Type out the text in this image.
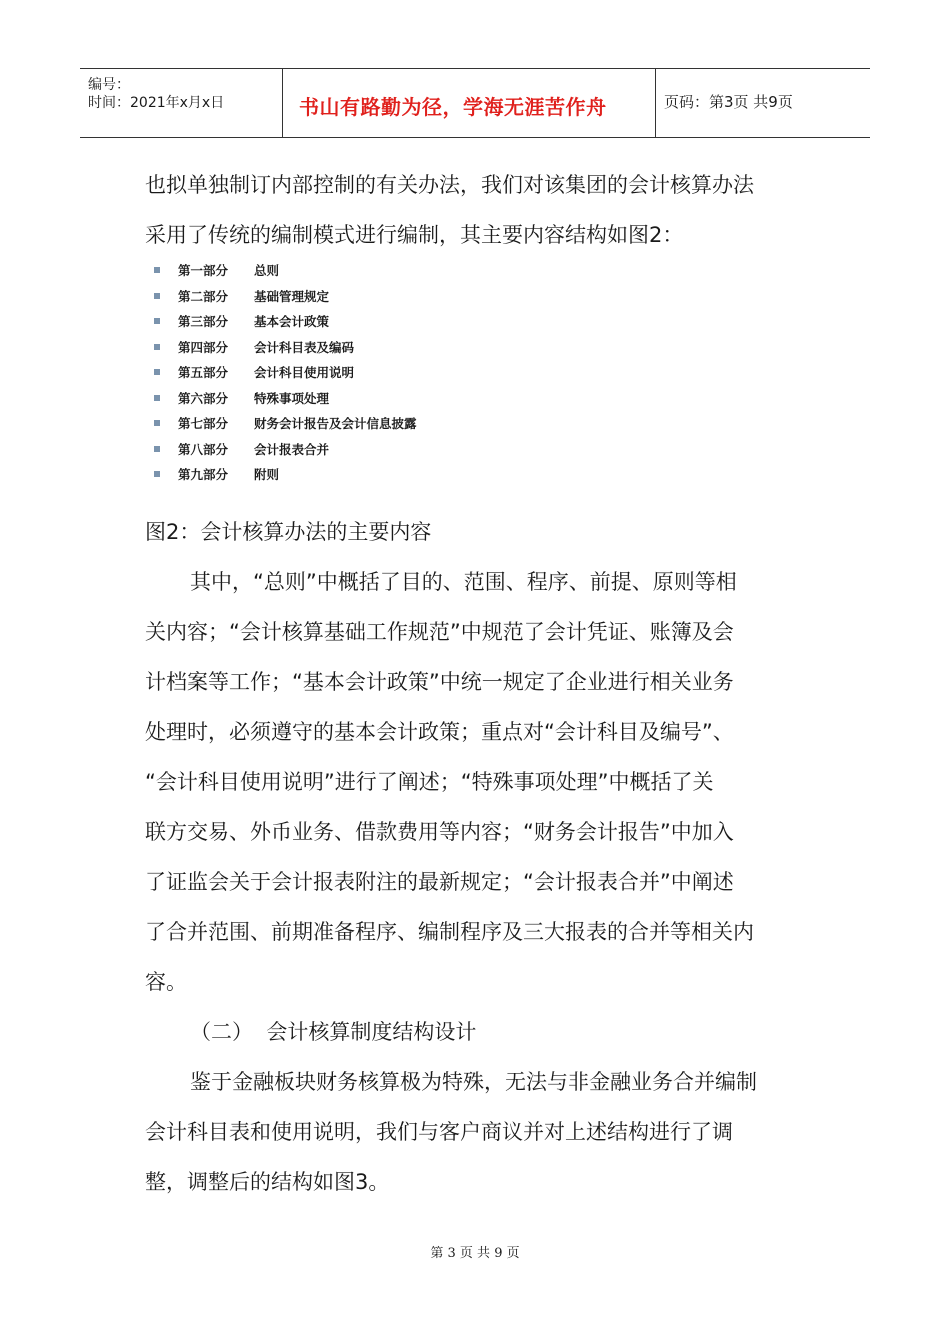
编号：
时间：2021年x月x日	书山有路勤为径，学海无涯苦作舟	页码：第3页 共9页
也拟单独制订内部控制的有关办法，我们对该集团的会计核算办法
采用了传统的编制模式进行编制，其主要内容结构如图2：
第一部分 总则
第二部分 基础管理规定
第三部分 基本会计政策
第四部分 会计科目表及编码
第五部分 会计科目使用说明
第六部分 特殊事项处理
第七部分 财务会计报告及会计信息披露
第八部分 会计报表合并
第九部分 附则
图2：会计核算办法的主要内容
其中，“总则”中概括了目的、范围、程序、前提、原则等相
关内容；“会计核算基础工作规范”中规范了会计凭证、账簿及会
计档案等工作；“基本会计政策”中统一规定了企业进行相关业务
处理时，必须遵守的基本会计政策；重点对“会计科目及编号”、
“会计科目使用说明”进行了阐述；“特殊事项处理”中概括了关
联方交易、外币业务、借款费用等内容；“财务会计报告”中加入
了证监会关于会计报表附注的最新规定；“会计报表合并”中阐述
了合并范围、前期准备程序、编制程序及三大报表的合并等相关内
容。
（二）  会计核算制度结构设计
鉴于金融板块财务核算极为特殊，无法与非金融业务合并编制
会计科目表和使用说明，我们与客户商议并对上述结构进行了调
整，调整后的结构如图3。
第 3 页 共 9 页
